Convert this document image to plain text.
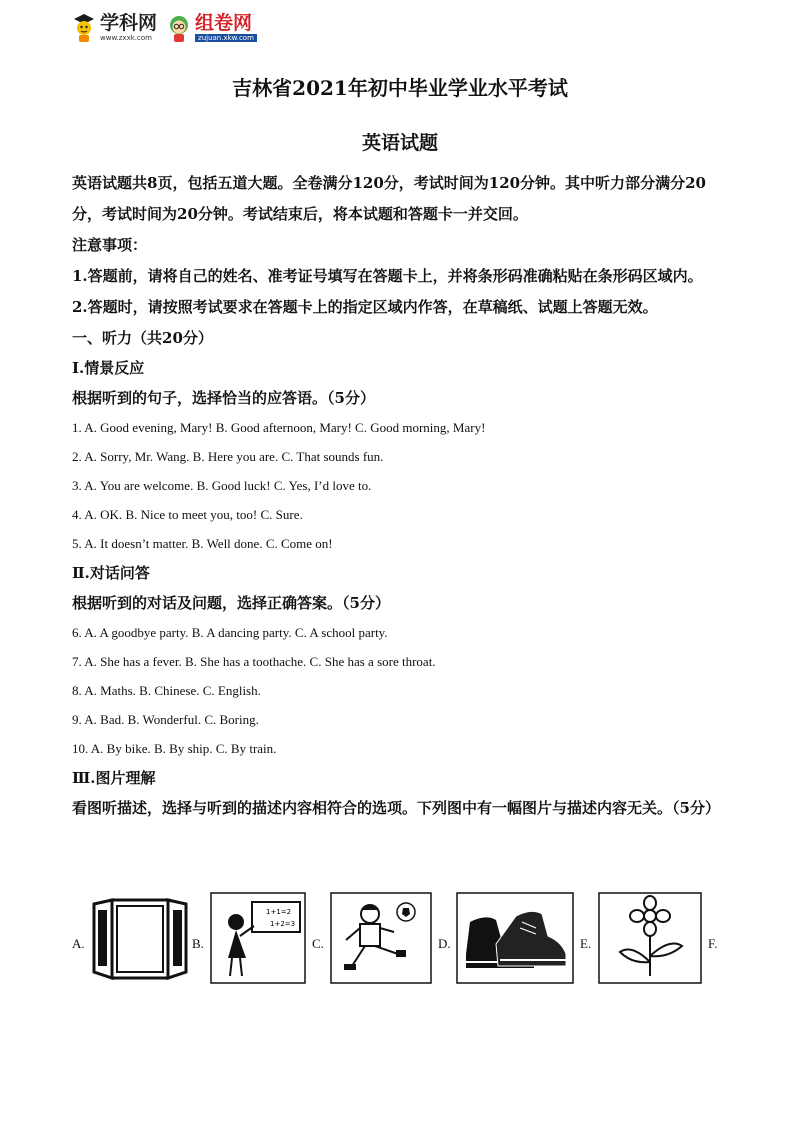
学科网
www.zxxk.com
组卷网
zujuan.xkw.com
吉林省2021年初中毕业学业水平考试
英语试题

英语试题共8页，包括五道大题。全卷满分120分，考试时间为120分钟。其中听力部分满分20分，考试时间为20分钟。考试结束后，将本试题和答题卡一并交回。

注意事项：

1.答题前，请将自己的姓名、准考证号填写在答题卡上，并将条形码准确粘贴在条形码区域内。

2.答题时，请按照考试要求在答题卡上的指定区域内作答，在草稿纸、试题上答题无效。

一、听力（共20分）

Ⅰ.情景反应

根据听到的句子，选择恰当的应答语。（5分）

1. A. Good evening, Mary! B. Good afternoon, Mary! C. Good morning, Mary!

2. A. Sorry, Mr. Wang. B. Here you are. C. That sounds fun.

3. A. You are welcome. B. Good luck! C. Yes, I’d love to.

4. A. OK. B. Nice to meet you, too! C. Sure.

5. A. It doesn’t matter. B. Well done. C. Come on!

Ⅱ.对话问答

根据听到的对话及问题，选择正确答案。（5分）

6. A. A goodbye party. B. A dancing party. C. A school party.

7. A. She has a fever. B. She has a toothache. C. She has a sore throat.

8. A. Maths. B. Chinese. C. English.

9. A. Bad. B. Wonderful. C. Boring.

10. A. By bike. B. By ship. C. By train.

Ⅲ.图片理解

看图听描述，选择与听到的描述内容相符合的选项。下列图中有一幅图片与描述内容无关。（5分）

A.	B.
1+1=2
1+2=3
C.	D.	E.	F.
